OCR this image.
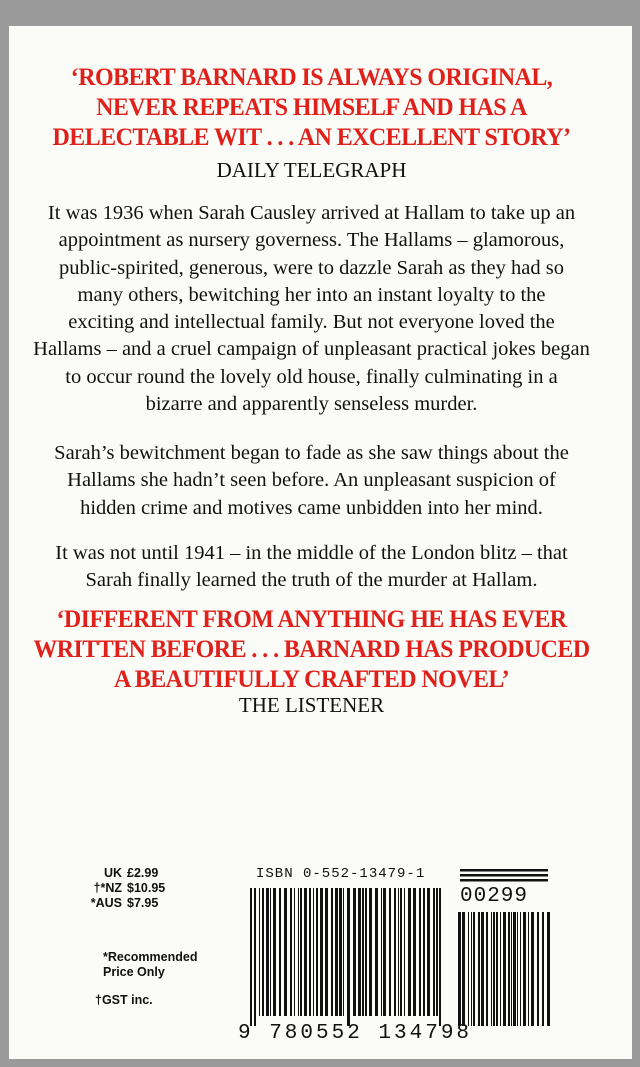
‘ROBERT BARNARD IS ALWAYS ORIGINAL,
NEVER REPEATS HIMSELF AND HAS A
DELECTABLE WIT . . . AN EXCELLENT STORY’
DAILY TELEGRAPH
It was 1936 when Sarah Causley arrived at Hallam to take up an
appointment as nursery governess. The Hallams – glamorous,
public-spirited, generous, were to dazzle Sarah as they had so
many others, bewitching her into an instant loyalty to the
exciting and intellectual family. But not everyone loved the
Hallams – and a cruel campaign of unpleasant practical jokes began
to occur round the lovely old house, finally culminating in a
bizarre and apparently senseless murder.
Sarah’s bewitchment began to fade as she saw things about the
Hallams she hadn’t seen before. An unpleasant suspicion of
hidden crime and motives came unbidden into her mind.
It was not until 1941 – in the middle of the London blitz – that
Sarah finally learned the truth of the murder at Hallam.
‘DIFFERENT FROM ANYTHING HE HAS EVER
WRITTEN BEFORE . . . BARNARD HAS PRODUCED
A BEAUTIFULLY CRAFTED NOVEL’
THE LISTENER
UK £2.99
†*NZ $10.95
*AUS $7.95
*Recommended
Price Only
†GST inc.
ISBN 0-552-13479-1
00299
9 780552 134798
